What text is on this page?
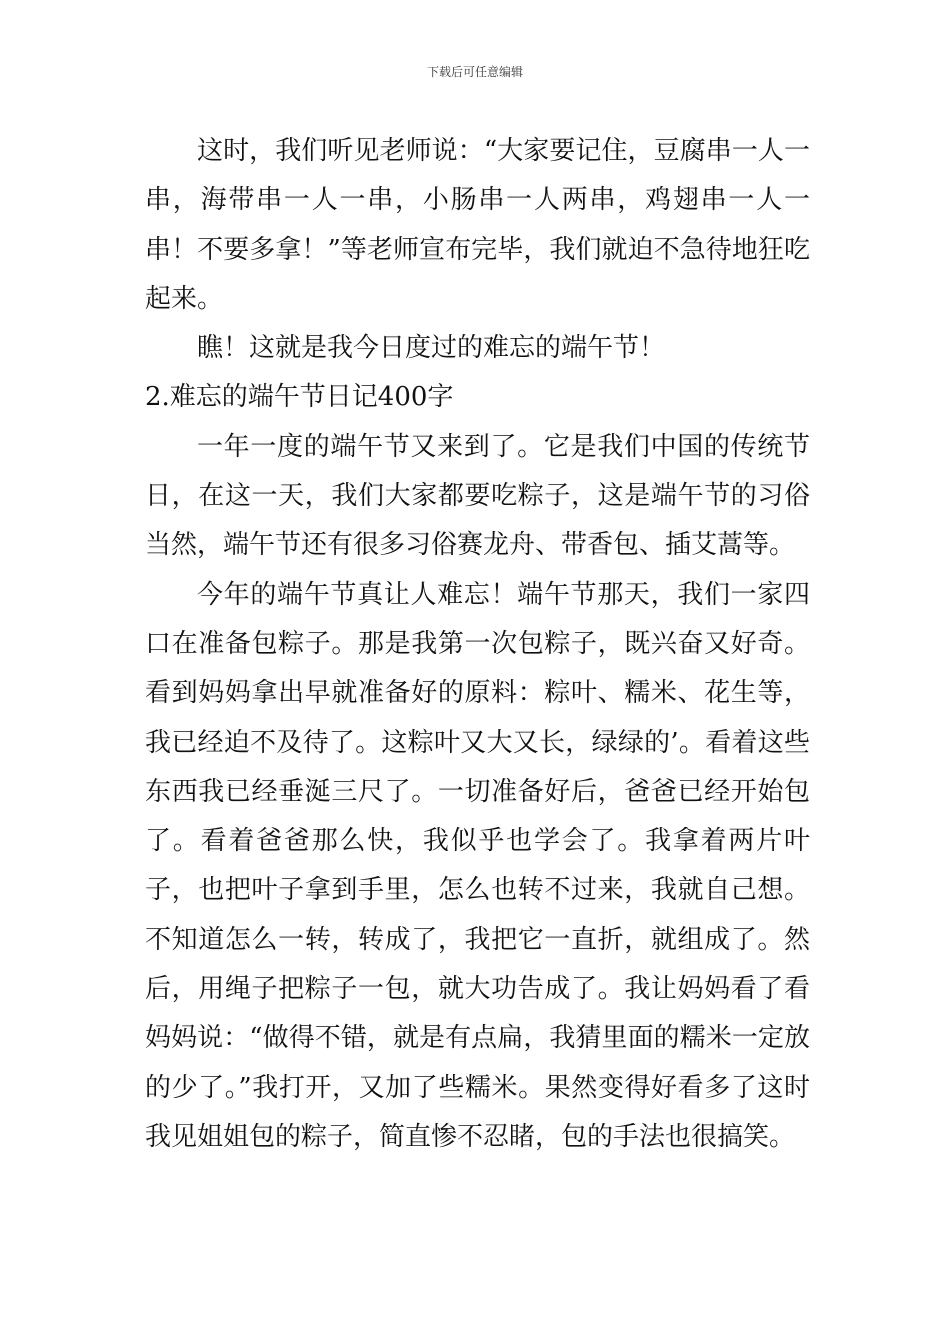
下载后可任意编辑

这时，我们听见老师说：“大家要记住，豆腐串一人一串，海带串一人一串，小肠串一人两串，鸡翅串一人一串！不要多拿！”等老师宣布完毕，我们就迫不急待地狂吃起来。

瞧！这就是我今日度过的难忘的端午节！

2.难忘的端午节日记400字

一年一度的端午节又来到了。它是我们中国的传统节日，在这一天，我们大家都要吃粽子，这是端午节的习俗当然，端午节还有很多习俗赛龙舟、带香包、插艾蒿等。

今年的端午节真让人难忘！端午节那天，我们一家四口在准备包粽子。那是我第一次包粽子，既兴奋又好奇。看到妈妈拿出早就准备好的原料：粽叶、糯米、花生等，我已经迫不及待了。这粽叶又大又长，绿绿的’。看着这些东西我已经垂涎三尺了。一切准备好后，爸爸已经开始包了。看着爸爸那么快，我似乎也学会了。我拿着两片叶子，也把叶子拿到手里，怎么也转不过来，我就自己想。不知道怎么一转，转成了，我把它一直折，就组成了。然后，用绳子把粽子一包，就大功告成了。我让妈妈看了看妈妈说：“做得不错，就是有点扁，我猜里面的糯米一定放的少了。”我打开，又加了些糯米。果然变得好看多了这时我见姐姐包的粽子，简直惨不忍睹，包的手法也很搞笑。
